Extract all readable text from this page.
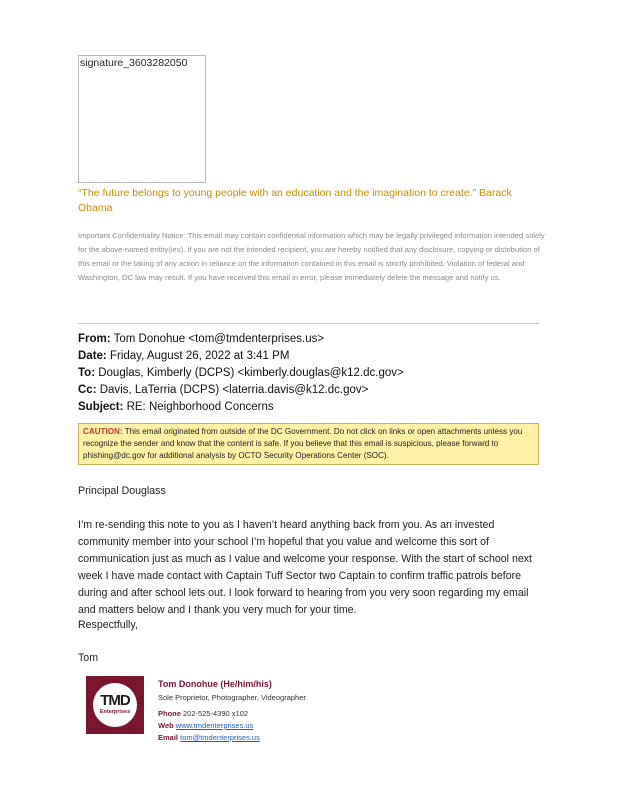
signature_3603282050
“The future belongs to young people with an education and the imagination to create.” Barack Obama
Important Confidentiality Notice: This email may contain confidential information which may be legally privileged information intended solely for the above-named entity(ies). If you are not the intended recipient, you are hereby notified that any disclosure, copying or distribution of this email or the taking of any action in reliance on the information contained in this email is strictly prohibited. Violation of federal and Washington, DC law may result. If you have received this email in error, please immediately delete the message and notify us.
From: Tom Donohue <tom@tmdenterprises.us>
Date: Friday, August 26, 2022 at 3:41 PM
To: Douglas, Kimberly (DCPS) <kimberly.douglas@k12.dc.gov>
Cc: Davis, LaTerria (DCPS) <laterria.davis@k12.dc.gov>
Subject: RE: Neighborhood Concerns
CAUTION: This email originated from outside of the DC Government. Do not click on links or open attachments unless you recognize the sender and know that the content is safe. If you believe that this email is suspicious, please forward to phishing@dc.gov for additional analysis by OCTO Security Operations Center (SOC).
Principal Douglass
I’m re-sending this note to you as I haven’t heard anything back from you. As an invested community member into your school I’m hopeful that you value and welcome this sort of communication just as much as I value and welcome your response. With the start of school next week I have made contact with Captain Tuff Sector two Captain to confirm traffic patrols before during and after school lets out. I look forward to hearing from you very soon regarding my email and matters below and I thank you very much for your time.
Respectfully,
Tom
TMD
Enterprises
Tom Donohue (He/him/his)
Sole Proprietor, Photographer, Videographer
Phone 202-525-4390 x102
Web www.tmdenterprises.us
Email tom@tmdenterprises.us
